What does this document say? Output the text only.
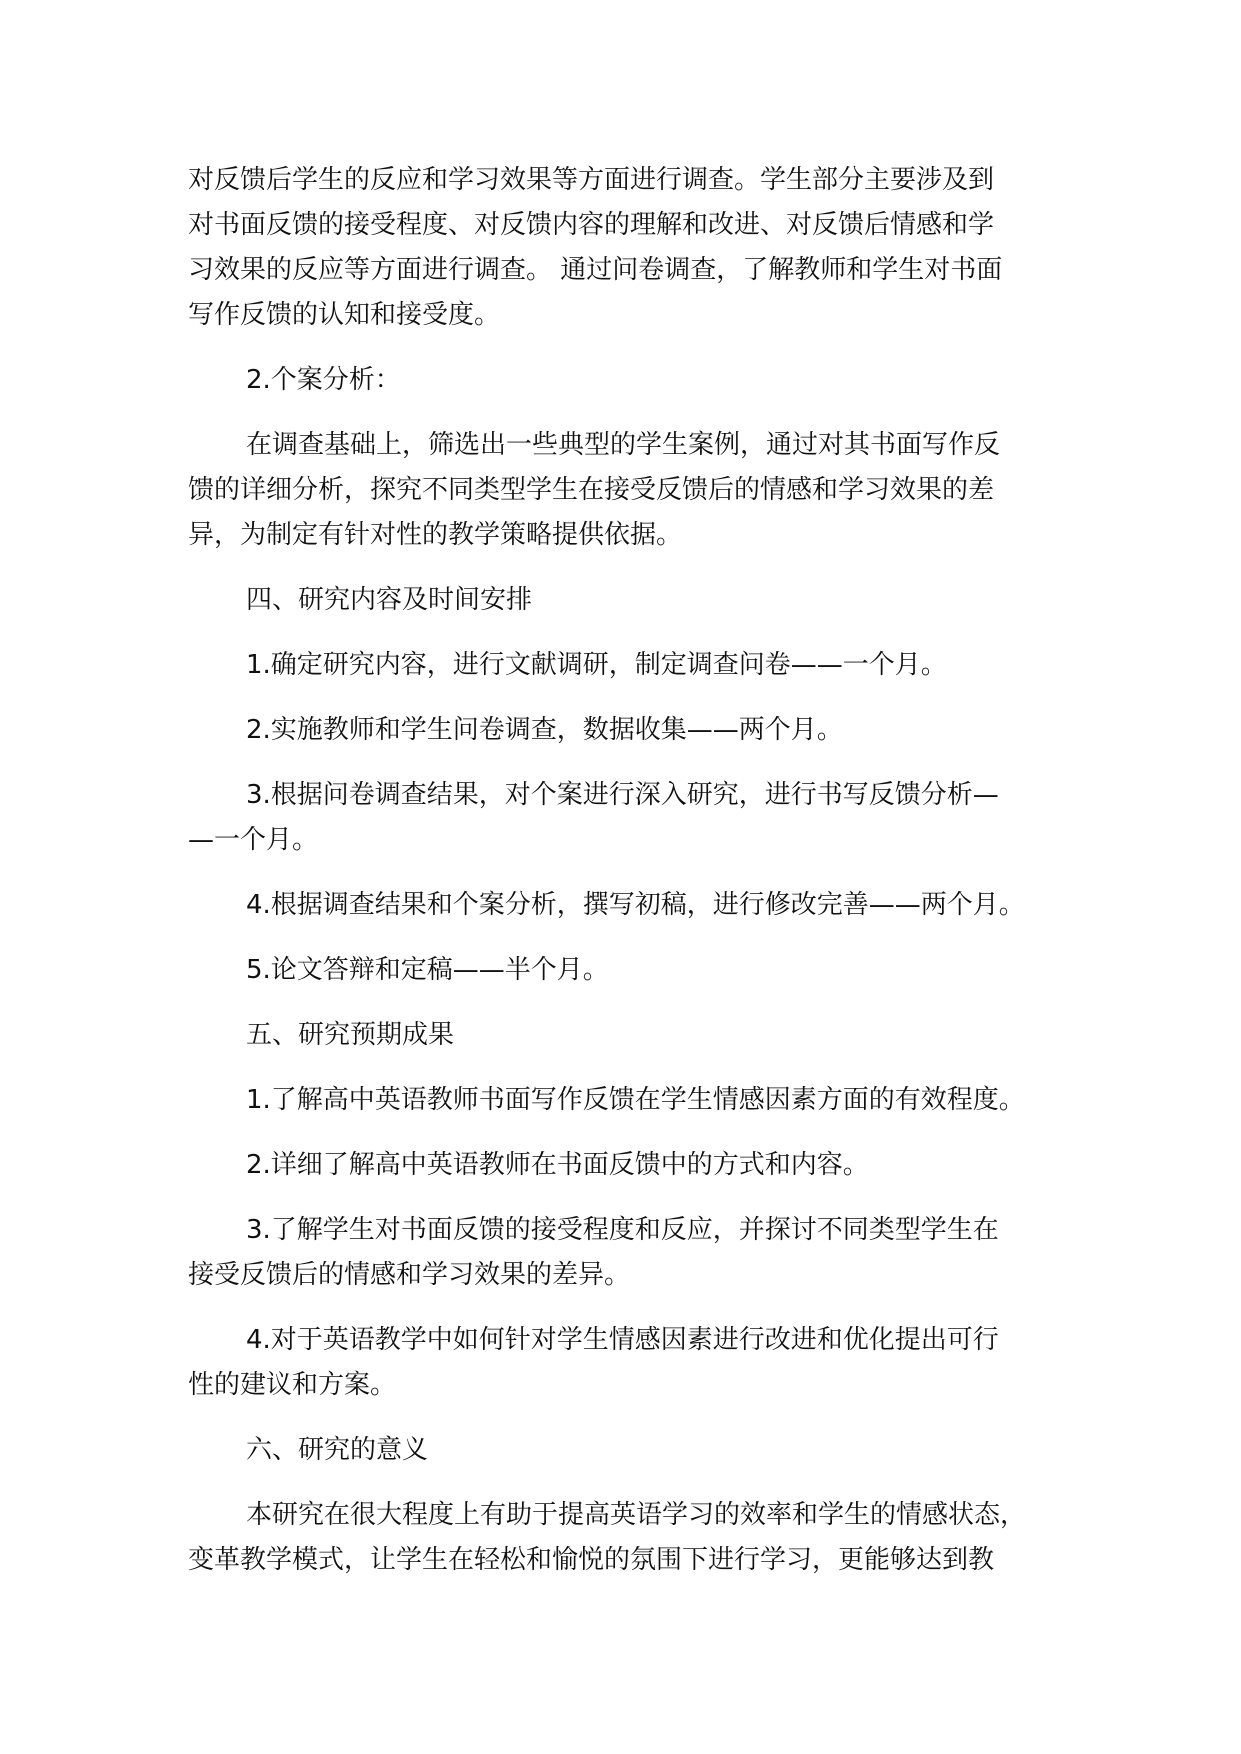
对反馈后学生的反应和学习效果等方面进行调查。学生部分主要涉及到
对书面反馈的接受程度、对反馈内容的理解和改进、对反馈后情感和学
习效果的反应等方面进行调查。 通过问卷调查，了解教师和学生对书面
写作反馈的认知和接受度。
2.个案分析：
在调查基础上，筛选出一些典型的学生案例，通过对其书面写作反
馈的详细分析，探究不同类型学生在接受反馈后的情感和学习效果的差
异，为制定有针对性的教学策略提供依据。
四、研究内容及时间安排
1.确定研究内容，进行文献调研，制定调查问卷——一个月。
2.实施教师和学生问卷调查，数据收集——两个月。
3.根据问卷调查结果，对个案进行深入研究，进行书写反馈分析—
—一个月。
4.根据调查结果和个案分析，撰写初稿，进行修改完善——两个月。
5.论文答辩和定稿——半个月。
五、研究预期成果
1.了解高中英语教师书面写作反馈在学生情感因素方面的有效程度。
2.详细了解高中英语教师在书面反馈中的方式和内容。
3.了解学生对书面反馈的接受程度和反应，并探讨不同类型学生在
接受反馈后的情感和学习效果的差异。
4.对于英语教学中如何针对学生情感因素进行改进和优化提出可行
性的建议和方案。
六、研究的意义
本研究在很大程度上有助于提高英语学习的效率和学生的情感状态，
变革教学模式，让学生在轻松和愉悦的氛围下进行学习，更能够达到教
